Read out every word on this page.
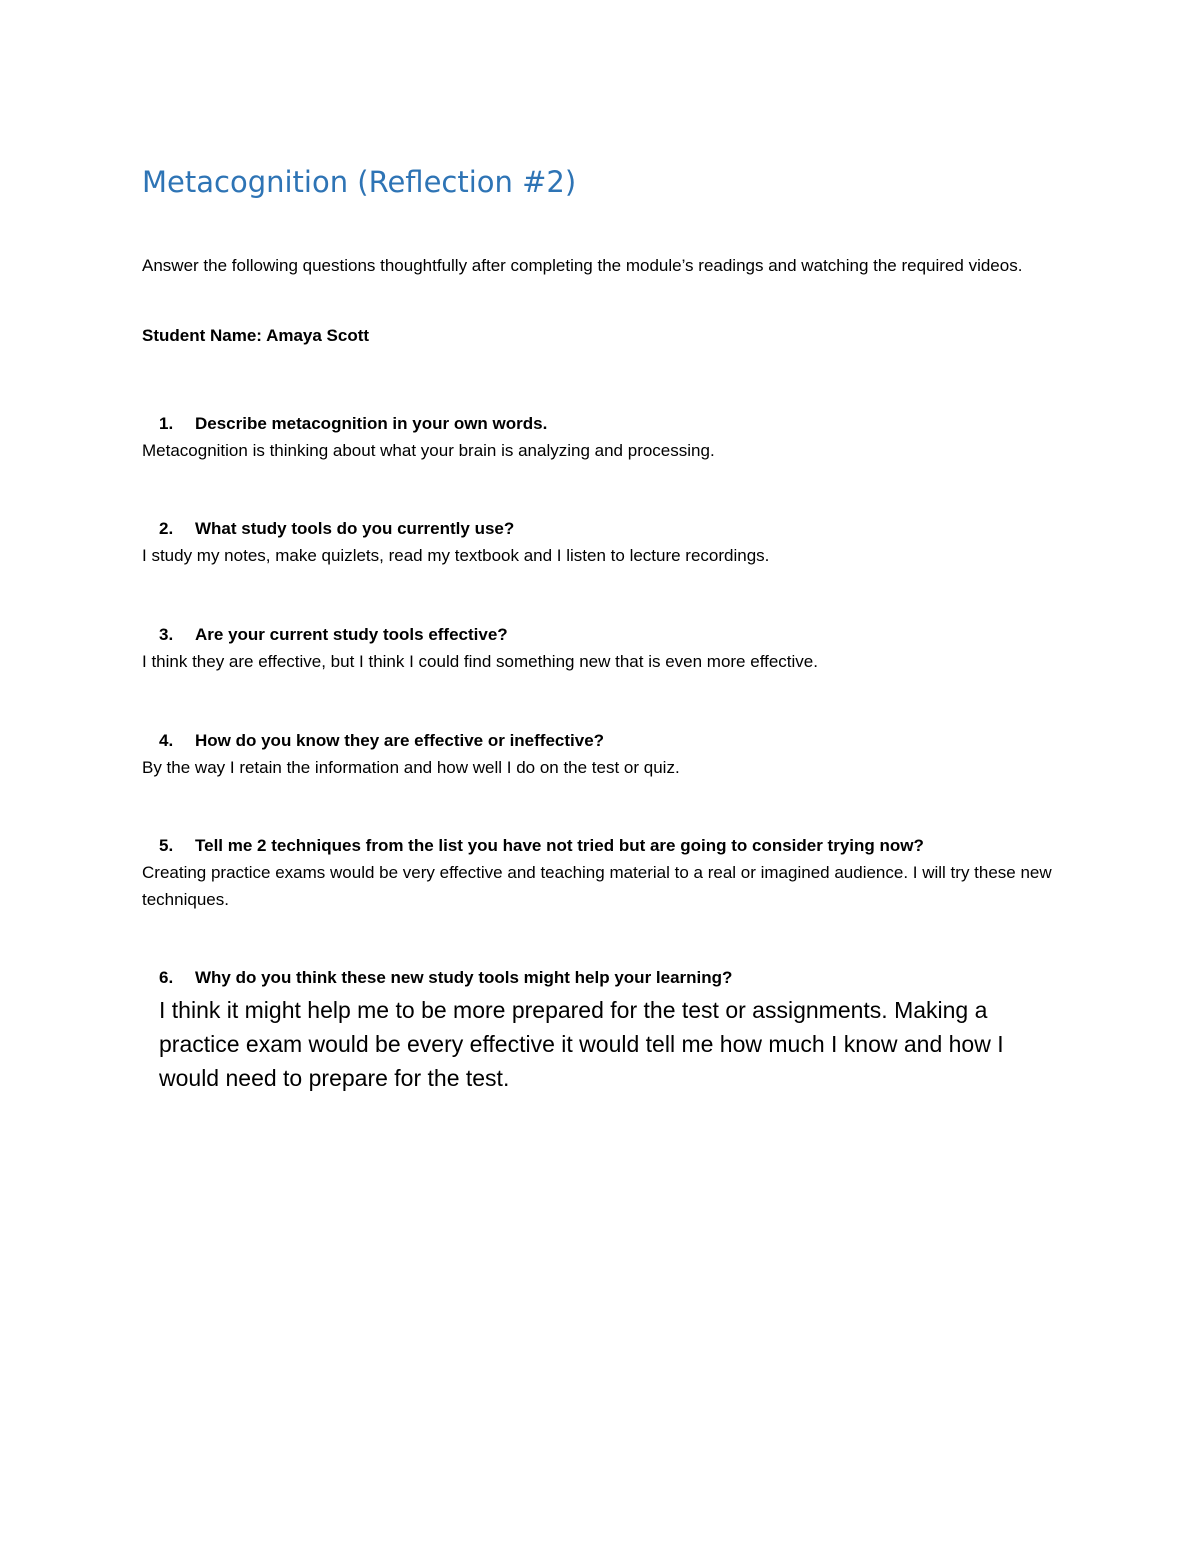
Metacognition (Reflection #2)
Answer the following questions thoughtfully after completing the module’s readings and watching the required videos.
Student Name: Amaya Scott
1. Describe metacognition in your own words.
Metacognition is thinking about what your brain is analyzing and processing.
2. What study tools do you currently use?
I study my notes, make quizlets, read my textbook and I listen to lecture recordings.
3. Are your current study tools effective?
I think they are effective, but I think I could find something new that is even more effective.
4. How do you know they are effective or ineffective?
By the way I retain the information and how well I do on the test or quiz.
5. Tell me 2 techniques from the list you have not tried but are going to consider trying now?
Creating practice exams would be very effective and teaching material to a real or imagined audience. I will try these new techniques.
6. Why do you think these new study tools might help your learning?
I think it might help me to be more prepared for the test or assignments. Making a practice exam would be every effective it would tell me how much I know and how I would need to prepare for the test.
